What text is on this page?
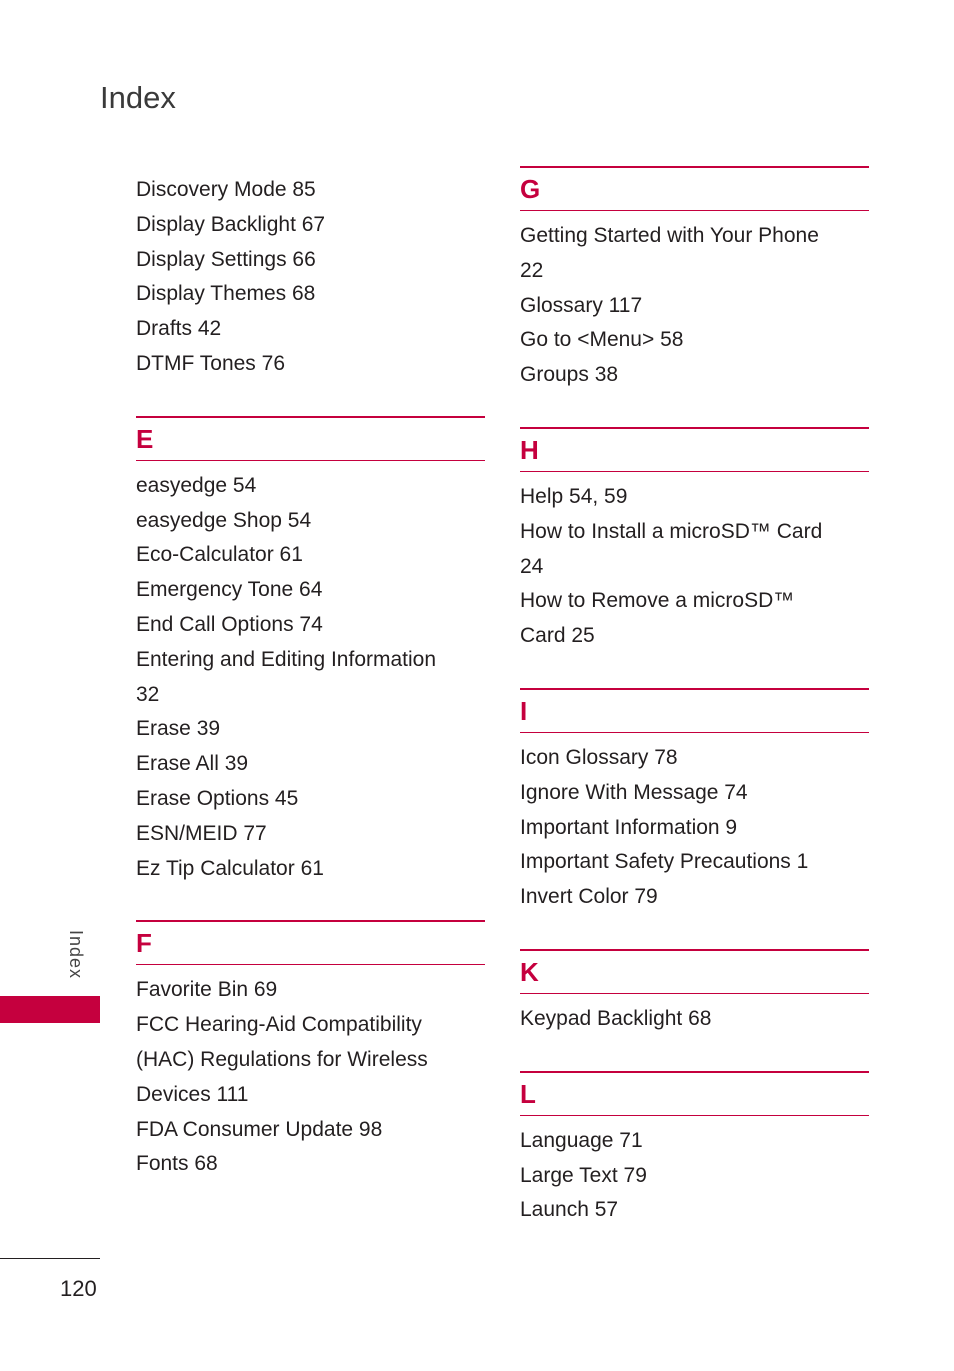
Index

Discovery Mode 85

Display Backlight 67

Display Settings 66

Display Themes 68

Drafts 42

DTMF Tones 76

E

easyedge 54

easyedge Shop 54

Eco-Calculator 61

Emergency Tone 64

End Call Options 74

Entering and Editing Information

32

Erase 39

Erase All 39

Erase Options 45

ESN/MEID 77

Ez Tip Calculator 61

F

Favorite Bin 69

FCC Hearing-Aid Compatibility

(HAC) Regulations for Wireless

Devices 111

FDA Consumer Update 98

Fonts 68

G

Getting Started with Your Phone

22

Glossary 117

Go to <Menu> 58

Groups 38

H

Help 54, 59

How to Install a microSD™ Card

24

How to Remove a microSD™

Card 25

I

Icon Glossary 78

Ignore With Message 74

Important Information 9

Important Safety Precautions 1

Invert Color 79

K

Keypad Backlight 68

L

Language 71

Large Text 79

Launch 57

Index
120
